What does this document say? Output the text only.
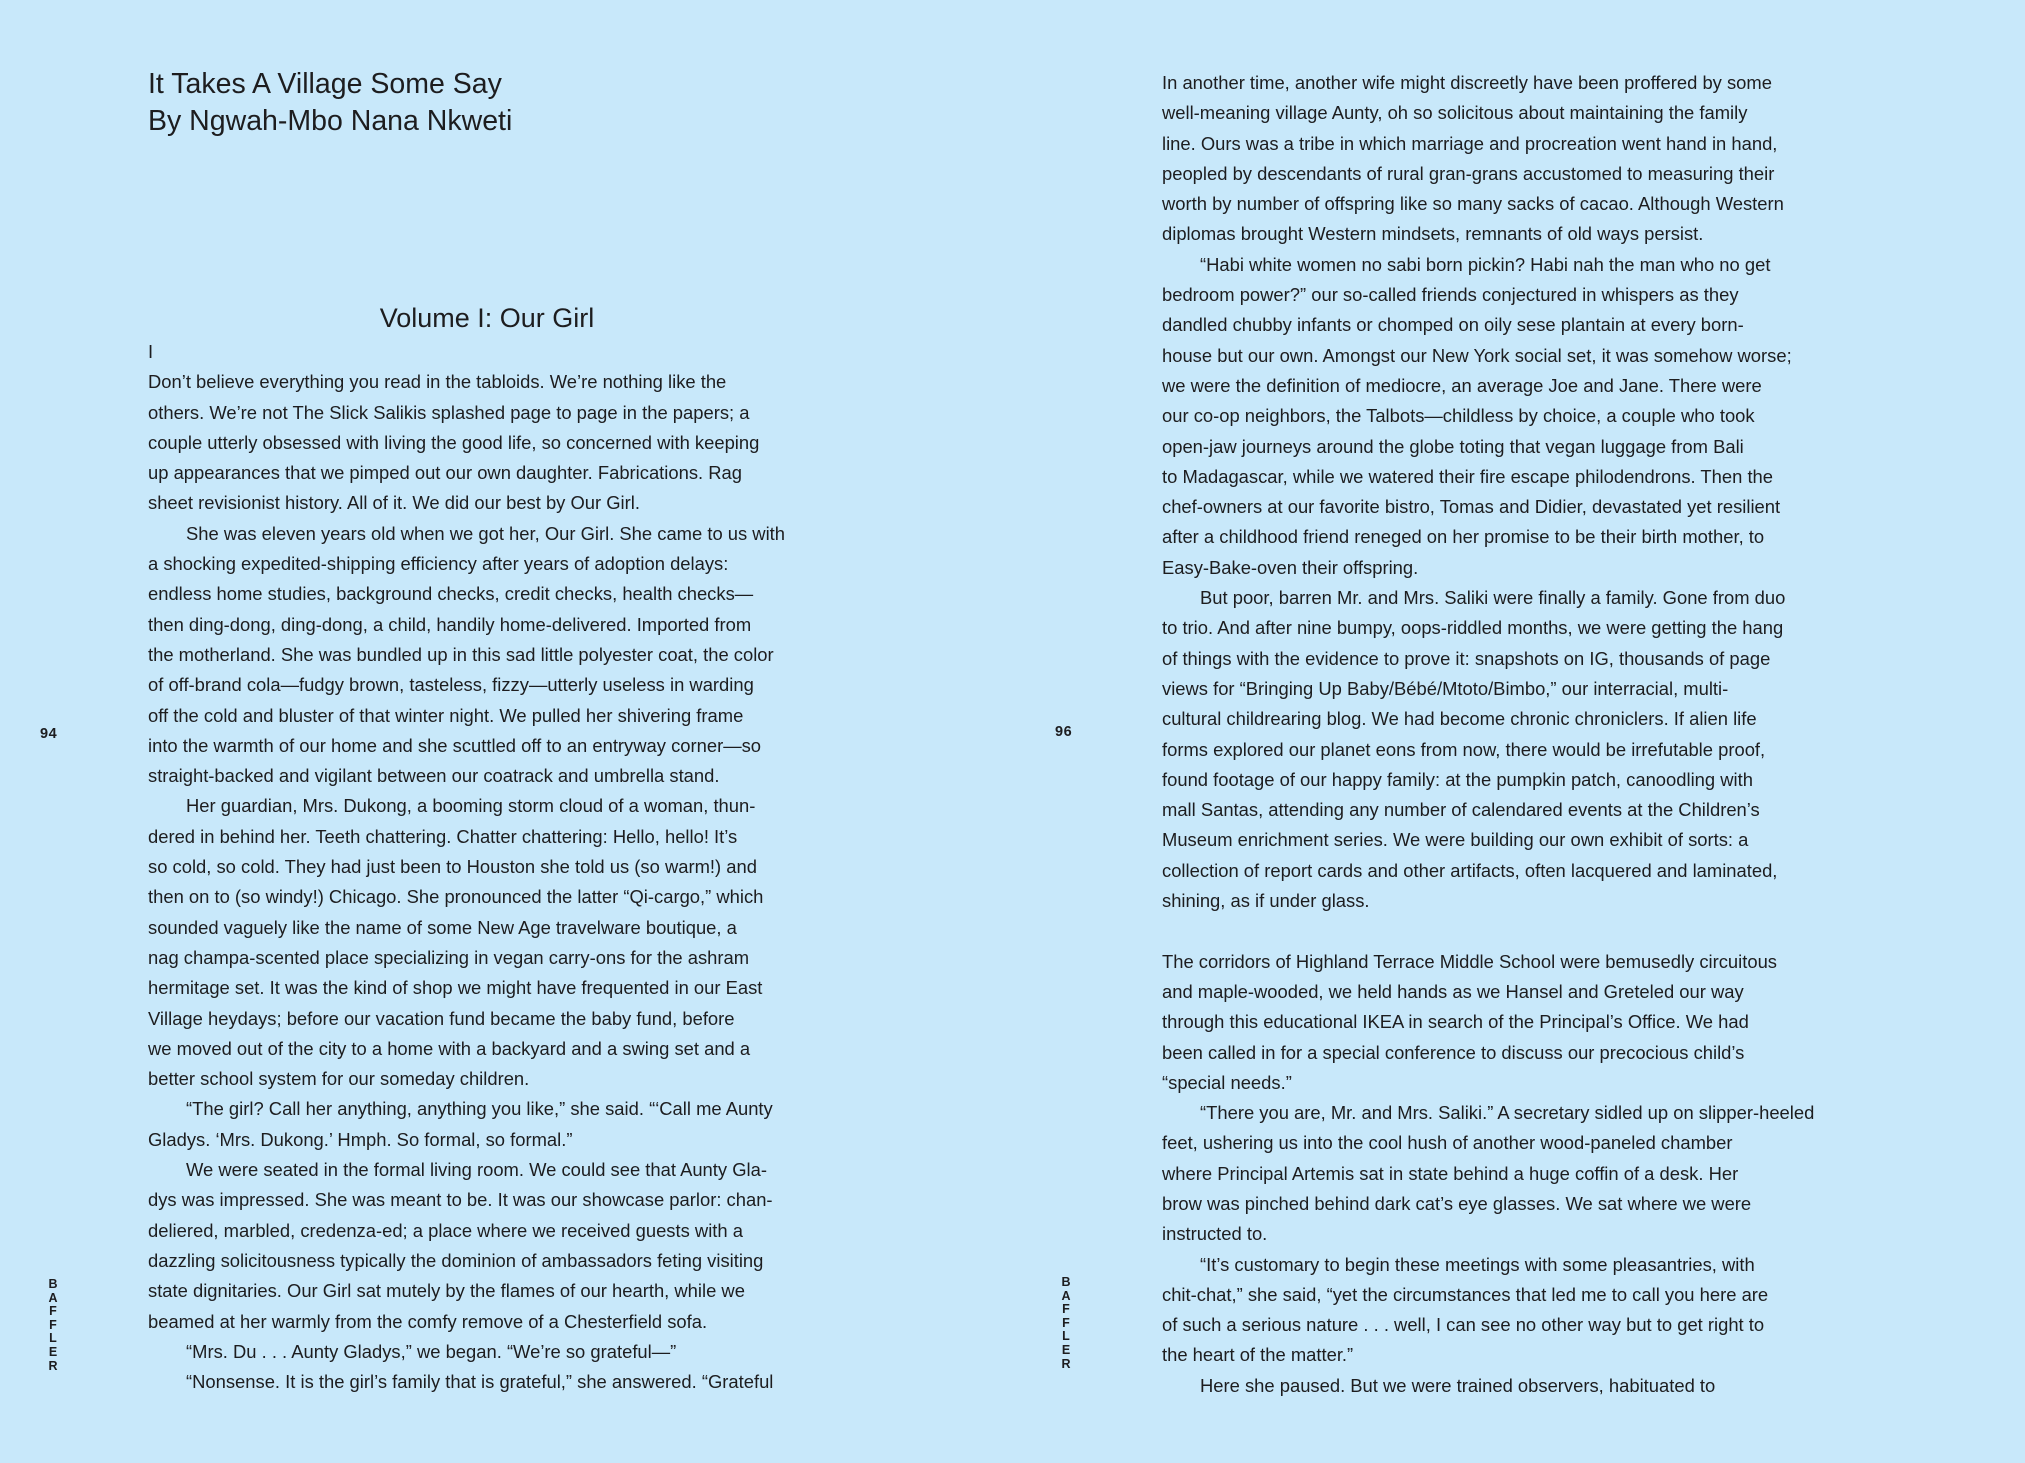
It Takes A Village Some Say
By Ngwah-Mbo Nana Nkweti
Volume I: Our Girl
I
Don’t believe everything you read in the tabloids. We’re nothing like the
others. We’re not The Slick Salikis splashed page to page in the papers; a
couple utterly obsessed with living the good life, so concerned with keeping
up appearances that we pimped out our own daughter. Fabrications. Rag
sheet revisionist history. All of it. We did our best by Our Girl.
She was eleven years old when we got her, Our Girl. She came to us with
a shocking expedited-shipping efficiency after years of adoption delays:
endless home studies, background checks, credit checks, health checks—
then ding-dong, ding-dong, a child, handily home-delivered. Imported from
the motherland. She was bundled up in this sad little polyester coat, the color
of off-brand cola—fudgy brown, tasteless, fizzy—utterly useless in warding
off the cold and bluster of that winter night. We pulled her shivering frame
into the warmth of our home and she scuttled off to an entryway corner—so
straight-backed and vigilant between our coatrack and umbrella stand.
Her guardian, Mrs. Dukong, a booming storm cloud of a woman, thun-
dered in behind her. Teeth chattering. Chatter chattering: Hello, hello! It’s
so cold, so cold. They had just been to Houston she told us (so warm!) and
then on to (so windy!) Chicago. She pronounced the latter “Qi-cargo,” which
sounded vaguely like the name of some New Age travelware boutique, a
nag champa-scented place specializing in vegan carry-ons for the ashram
hermitage set. It was the kind of shop we might have frequented in our East
Village heydays; before our vacation fund became the baby fund, before
we moved out of the city to a home with a backyard and a swing set and a
better school system for our someday children.
“The girl? Call her anything, anything you like,” she said. “‘Call me Aunty
Gladys. ‘Mrs. Dukong.’ Hmph. So formal, so formal.”
We were seated in the formal living room. We could see that Aunty Gla-
dys was impressed. She was meant to be. It was our showcase parlor: chan-
deliered, marbled, credenza-ed; a place where we received guests with a
dazzling solicitousness typically the dominion of ambassadors feting visiting
state dignitaries. Our Girl sat mutely by the flames of our hearth, while we
beamed at her warmly from the comfy remove of a Chesterfield sofa.
“Mrs. Du . . . Aunty Gladys,” we began. “We’re so grateful—”
“Nonsense. It is the girl’s family that is grateful,” she answered. “Grateful
94
B
A
F
F
L
E
R
In another time, another wife might discreetly have been proffered by some
well-meaning village Aunty, oh so solicitous about maintaining the family
line. Ours was a tribe in which marriage and procreation went hand in hand,
peopled by descendants of rural gran-grans accustomed to measuring their
worth by number of offspring like so many sacks of cacao. Although Western
diplomas brought Western mindsets, remnants of old ways persist.
“Habi white women no sabi born pickin? Habi nah the man who no get
bedroom power?” our so-called friends conjectured in whispers as they
dandled chubby infants or chomped on oily sese plantain at every born-
house but our own. Amongst our New York social set, it was somehow worse;
we were the definition of mediocre, an average Joe and Jane. There were
our co-op neighbors, the Talbots—childless by choice, a couple who took
open-jaw journeys around the globe toting that vegan luggage from Bali
to Madagascar, while we watered their fire escape philodendrons. Then the
chef-owners at our favorite bistro, Tomas and Didier, devastated yet resilient
after a childhood friend reneged on her promise to be their birth mother, to
Easy-Bake-oven their offspring.
But poor, barren Mr. and Mrs. Saliki were finally a family. Gone from duo
to trio. And after nine bumpy, oops-riddled months, we were getting the hang
of things with the evidence to prove it: snapshots on IG, thousands of page
views for “Bringing Up Baby/Bébé/Mtoto/Bimbo,” our interracial, multi-
cultural childrearing blog. We had become chronic chroniclers. If alien life
forms explored our planet eons from now, there would be irrefutable proof,
found footage of our happy family: at the pumpkin patch, canoodling with
mall Santas, attending any number of calendared events at the Children’s
Museum enrichment series. We were building our own exhibit of sorts: a
collection of report cards and other artifacts, often lacquered and laminated,
shining, as if under glass.
The corridors of Highland Terrace Middle School were bemusedly circuitous
and maple-wooded, we held hands as we Hansel and Greteled our way
through this educational IKEA in search of the Principal’s Office. We had
been called in for a special conference to discuss our precocious child’s
“special needs.”
“There you are, Mr. and Mrs. Saliki.” A secretary sidled up on slipper-heeled
feet, ushering us into the cool hush of another wood-paneled chamber
where Principal Artemis sat in state behind a huge coffin of a desk. Her
brow was pinched behind dark cat’s eye glasses. We sat where we were
instructed to.
“It’s customary to begin these meetings with some pleasantries, with
chit-chat,” she said, “yet the circumstances that led me to call you here are
of such a serious nature . . . well, I can see no other way but to get right to
the heart of the matter.”
Here she paused. But we were trained observers, habituated to
96
B
A
F
F
L
E
R
